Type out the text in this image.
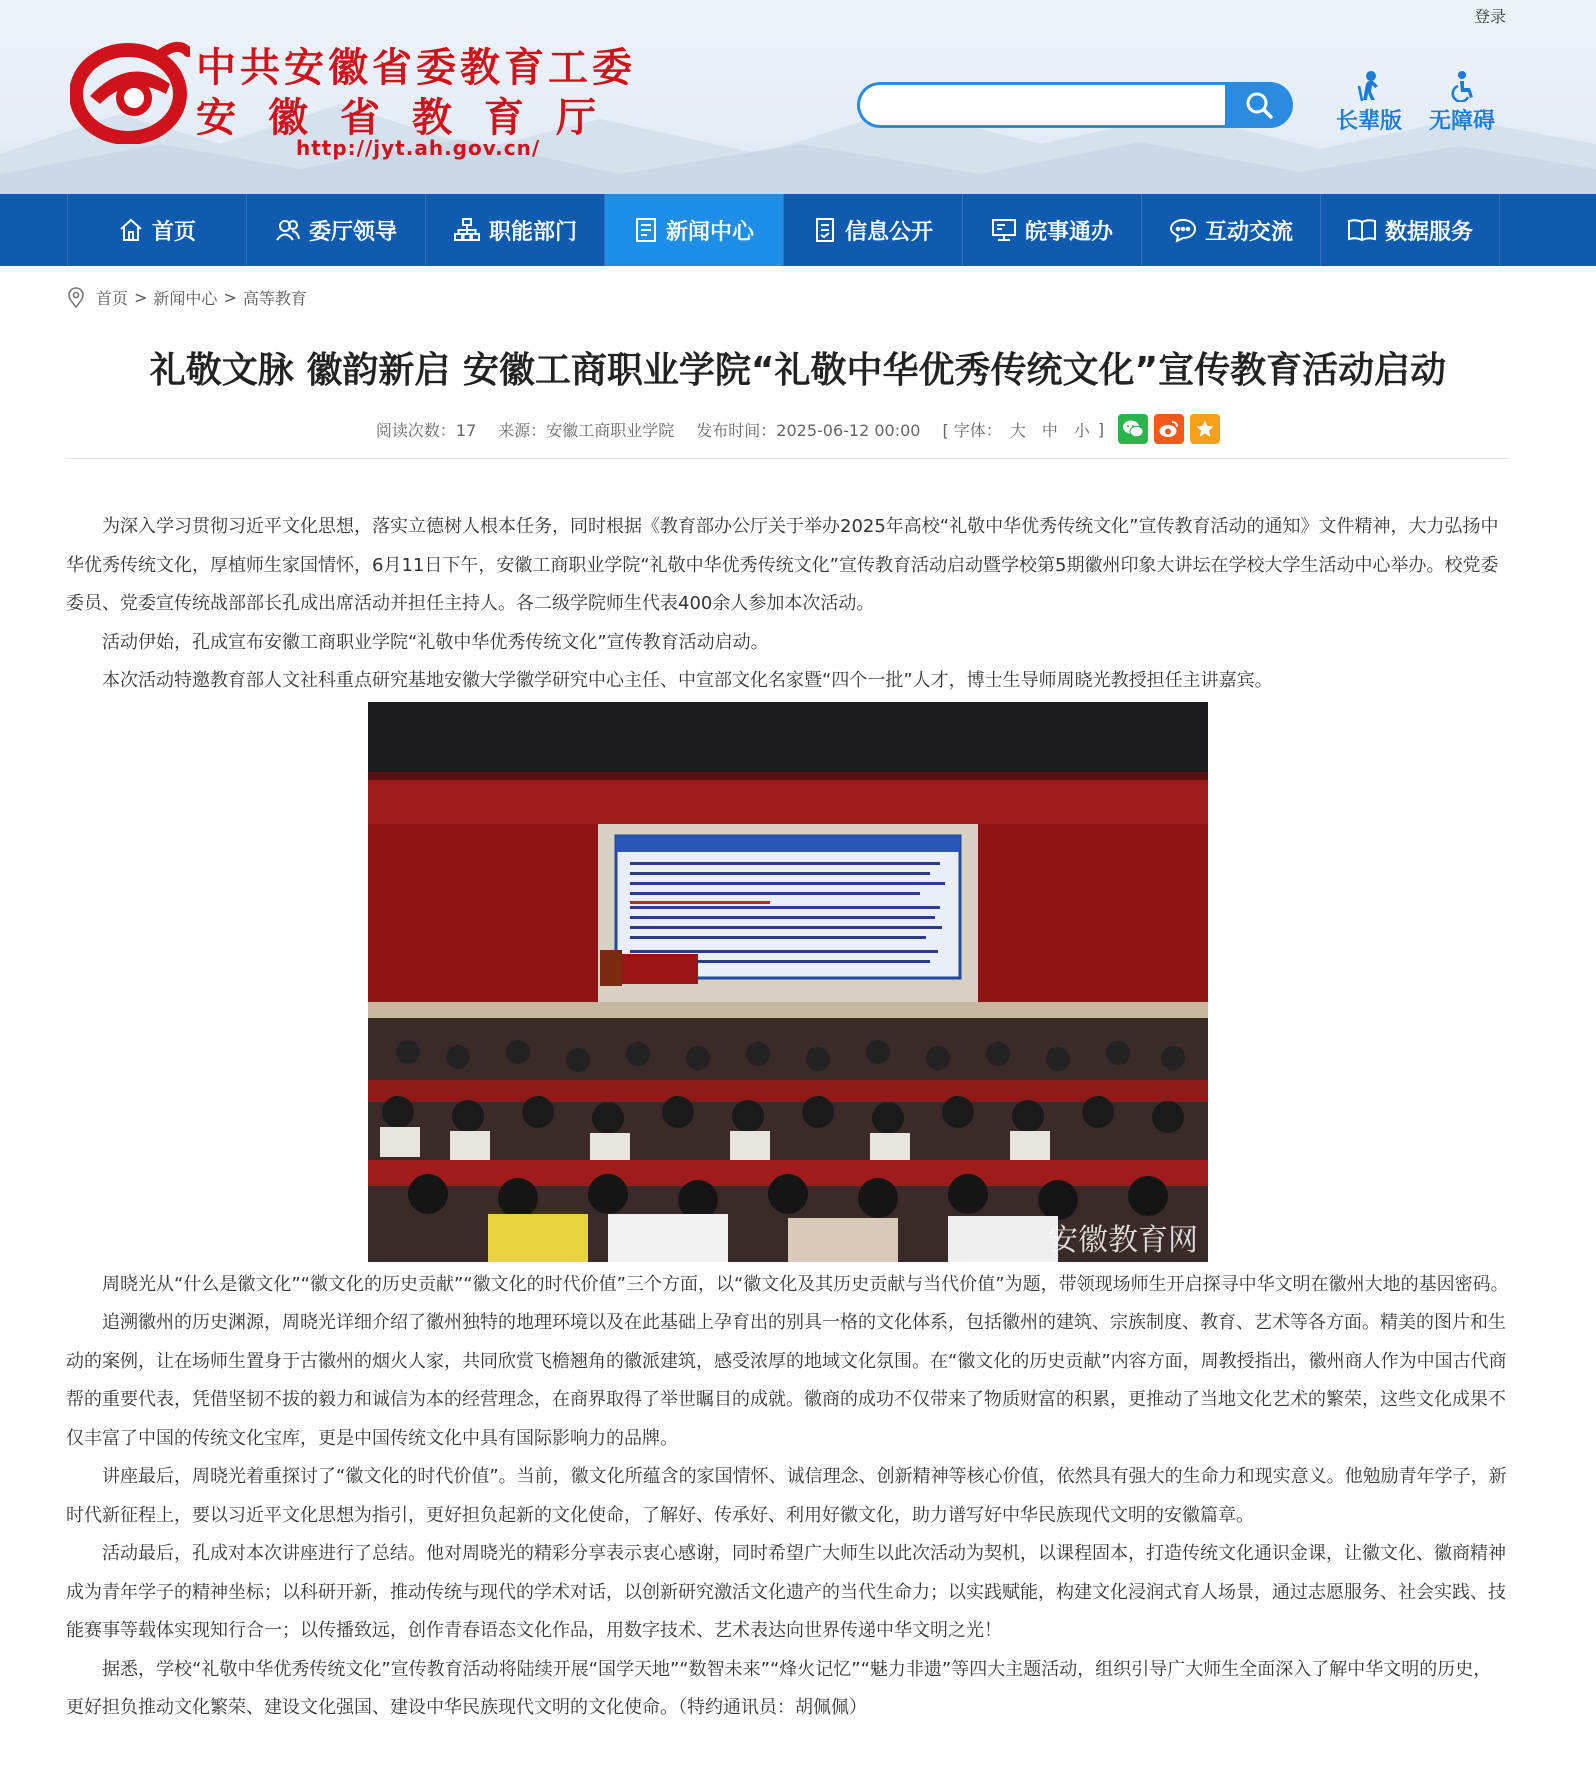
登录
中共安徽省委教育工委
安徽省教育厅
http://jyt.ah.gov.cn/
长辈版	无障碍
首页	委厅领导	职能部门	新闻中心	信息公开	皖事通办	互动交流	数据服务
首页 > 新闻中心 > 高等教育
礼敬文脉 徽韵新启 安徽工商职业学院“礼敬中华优秀传统文化”宣传教育活动启动
阅读次数：17 来源：安徽工商职业学院 发布时间：2025-06-12 00:00 [ 字体： 大 中 小 ]

为深入学习贯彻习近平文化思想，落实立德树人根本任务，同时根据《教育部办公厅关于举办2025年高校“礼敬中华优秀传统文化”宣传教育活动的通知》文件精神，大力弘扬中华优秀传统文化，厚植师生家国情怀，6月11日下午，安徽工商职业学院“礼敬中华优秀传统文化”宣传教育活动启动暨学校第5期徽州印象大讲坛在学校大学生活动中心举办。校党委委员、党委宣传统战部部长孔成出席活动并担任主持人。各二级学院师生代表400余人参加本次活动。

活动伊始，孔成宣布安徽工商职业学院“礼敬中华优秀传统文化”宣传教育活动启动。

本次活动特邀教育部人文社科重点研究基地安徽大学徽学研究中心主任、中宣部文化名家暨“四个一批”人才，博士生导师周晓光教授担任主讲嘉宾。

安徽教育网

周晓光从“什么是徽文化”“徽文化的历史贡献”“徽文化的时代价值”三个方面，以“徽文化及其历史贡献与当代价值”为题，带领现场师生开启探寻中华文明在徽州大地的基因密码。

追溯徽州的历史渊源，周晓光详细介绍了徽州独特的地理环境以及在此基础上孕育出的别具一格的文化体系，包括徽州的建筑、宗族制度、教育、艺术等各方面。精美的图片和生动的案例，让在场师生置身于古徽州的烟火人家，共同欣赏飞檐翘角的徽派建筑，感受浓厚的地域文化氛围。在“徽文化的历史贡献”内容方面，周教授指出，徽州商人作为中国古代商帮的重要代表，凭借坚韧不拔的毅力和诚信为本的经营理念，在商界取得了举世瞩目的成就。徽商的成功不仅带来了物质财富的积累，更推动了当地文化艺术的繁荣，这些文化成果不仅丰富了中国的传统文化宝库，更是中国传统文化中具有国际影响力的品牌。

讲座最后，周晓光着重探讨了“徽文化的时代价值”。当前，徽文化所蕴含的家国情怀、诚信理念、创新精神等核心价值，依然具有强大的生命力和现实意义。他勉励青年学子，新时代新征程上，要以习近平文化思想为指引，更好担负起新的文化使命，了解好、传承好、利用好徽文化，助力谱写好中华民族现代文明的安徽篇章。

活动最后，孔成对本次讲座进行了总结。他对周晓光的精彩分享表示衷心感谢，同时希望广大师生以此次活动为契机，以课程固本，打造传统文化通识金课，让徽文化、徽商精神成为青年学子的精神坐标；以科研开新，推动传统与现代的学术对话，以创新研究激活文化遗产的当代生命力；以实践赋能，构建文化浸润式育人场景，通过志愿服务、社会实践、技能赛事等载体实现知行合一；以传播致远，创作青春语态文化作品，用数字技术、艺术表达向世界传递中华文明之光！

据悉，学校“礼敬中华优秀传统文化”宣传教育活动将陆续开展“国学天地”“数智未来”“烽火记忆”“魅力非遗”等四大主题活动，组织引导广大师生全面深入了解中华文明的历史，更好担负推动文化繁荣、建设文化强国、建设中华民族现代文明的文化使命。（特约通讯员：胡佩佩）
